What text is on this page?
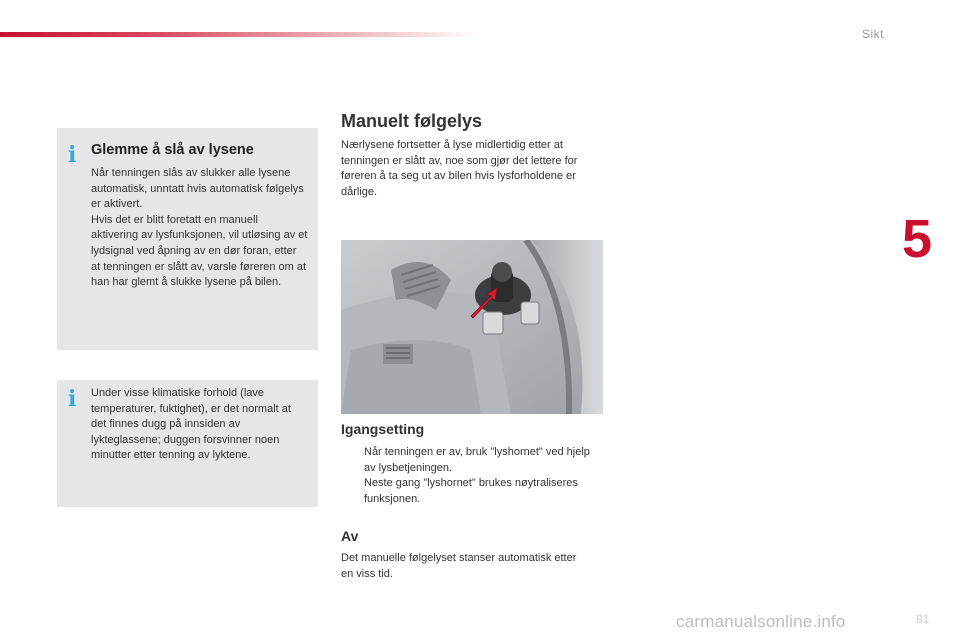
Sikt
5
81
i Glemme å slå av lysene

Når tenningen slås av slukker alle lysene automatisk, unntatt hvis automatisk følgelys er aktivert.
Hvis det er blitt foretatt en manuell aktivering av lysfunksjonen, vil utløsing av et lydsignal ved åpning av en dør foran, etter at tenningen er slått av, varsle føreren om at han har glemt å slukke lysene på bilen.

i Under visse klimatiske forhold (lave temperaturer, fuktighet), er det normalt at det finnes dugg på innsiden av lykteglassene; duggen forsvinner noen minutter etter tenning av lyktene.

Manuelt følgelys

Nærlysene fortsetter å lyse midlertidig etter at tenningen er slått av, noe som gjør det lettere for føreren å ta seg ut av bilen hvis lysforholdene er dårlige.

Igangsetting
Når tenningen er av, bruk "lyshornet" ved hjelp av lysbetjeningen.
Neste gang "lyshornet" brukes nøytraliseres funksjonen.
Av

Det manuelle følgelyset stanser automatisk etter en viss tid.

carmanualsonline.info
